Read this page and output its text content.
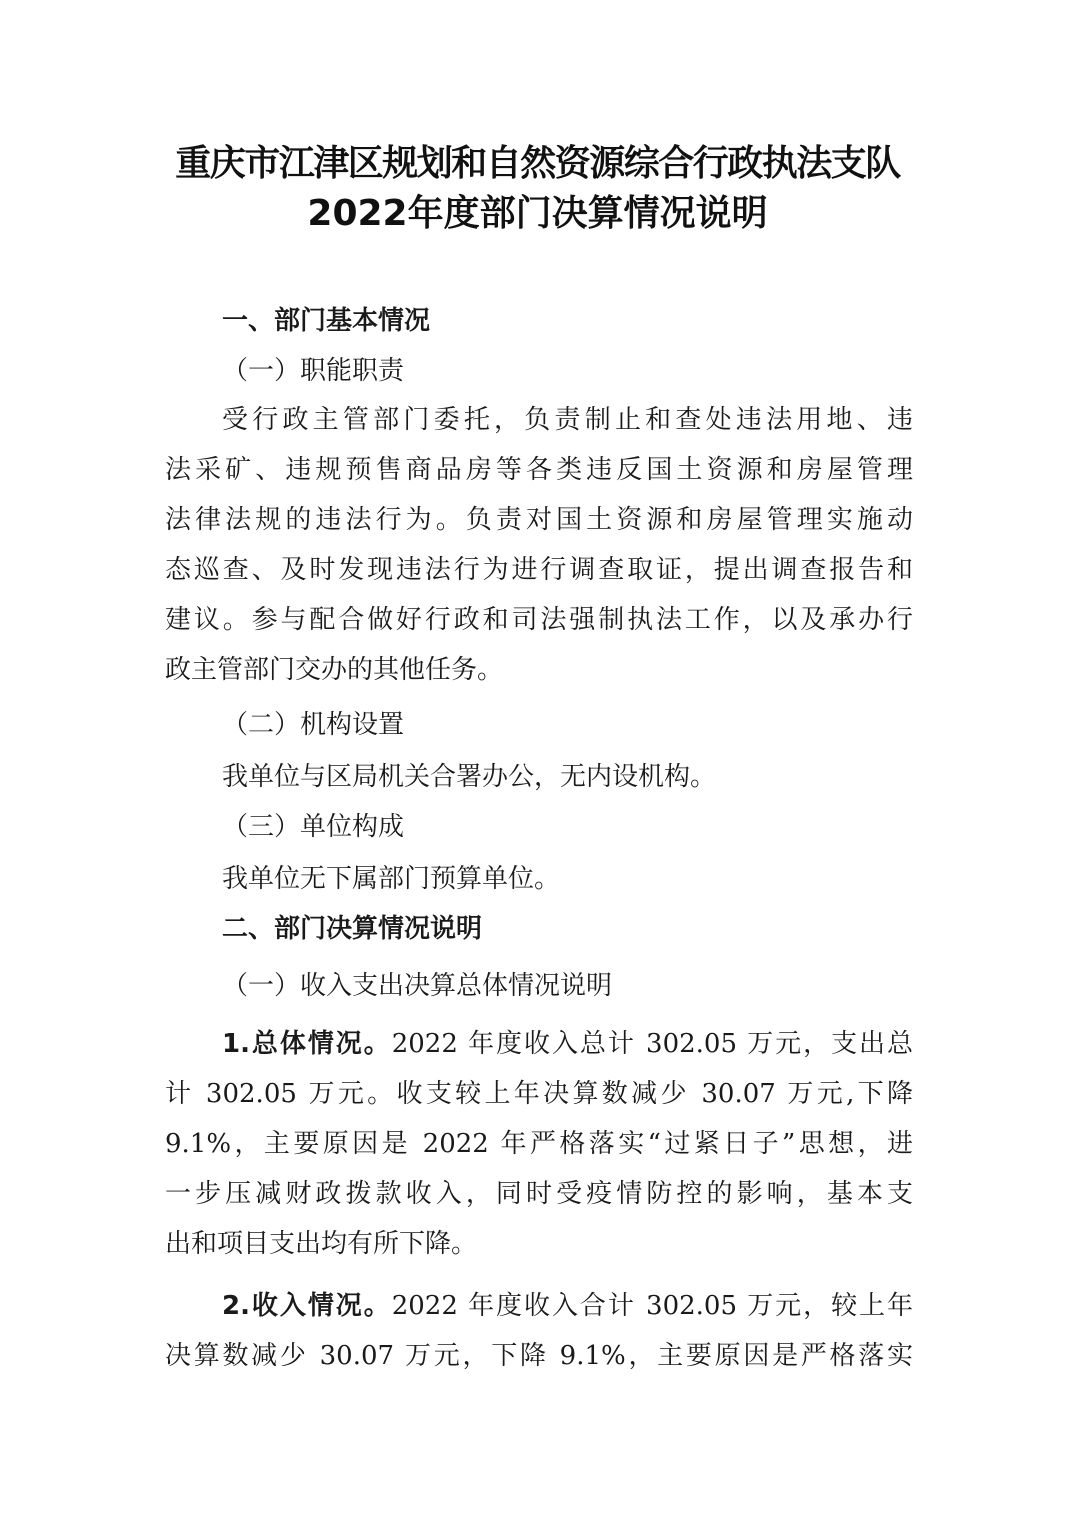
重庆市江津区规划和自然资源综合行政执法支队
2022年度部门决算情况说明
一、部门基本情况
（一）职能职责
受行政主管部门委托，负责制止和查处违法用地、违
法采矿、违规预售商品房等各类违反国土资源和房屋管理
法律法规的违法行为。负责对国土资源和房屋管理实施动
态巡查、及时发现违法行为进行调查取证，提出调查报告和
建议。参与配合做好行政和司法强制执法工作，以及承办行
政主管部门交办的其他任务。
（二）机构设置
我单位与区局机关合署办公，无内设机构。
（三）单位构成
我单位无下属部门预算单位。
二、部门决算情况说明
（一）收入支出决算总体情况说明
1.总体情况。2022 年度收入总计 302.05 万元，支出总
计 302.05 万元。收支较上年决算数减少 30.07 万元,下降
9.1%，主要原因是 2022 年严格落实“过紧日子”思想，进
一步压减财政拨款收入，同时受疫情防控的影响，基本支
出和项目支出均有所下降。
2.收入情况。2022 年度收入合计 302.05 万元，较上年
决算数减少 30.07 万元，下降 9.1%，主要原因是严格落实
